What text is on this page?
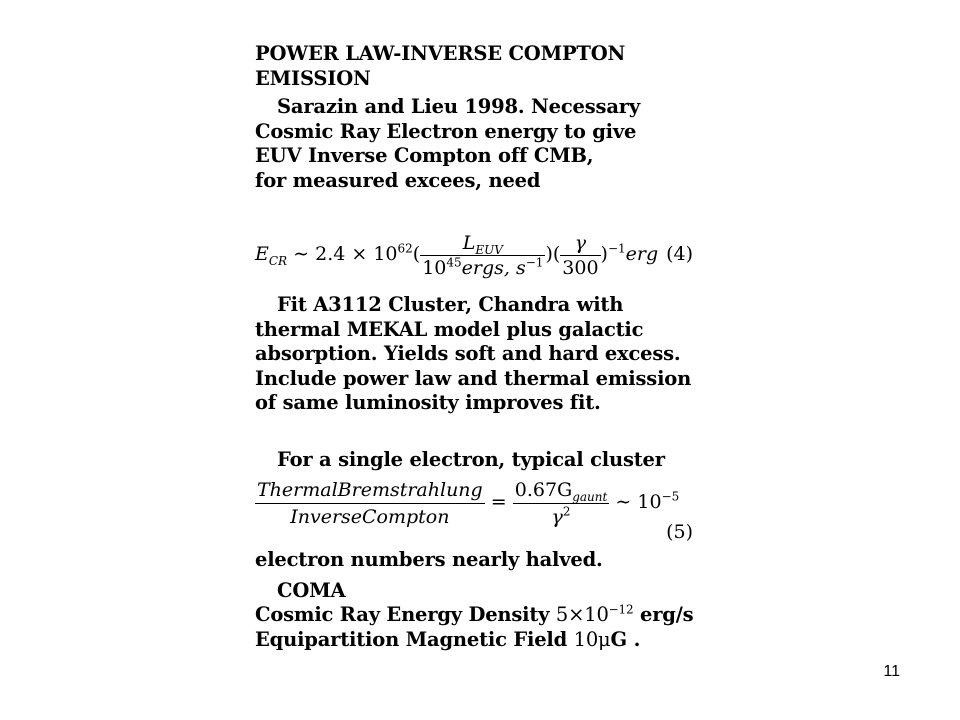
POWER LAW-INVERSE COMPTON
EMISSION
Sarazin and Lieu 1998. Necessary
Cosmic Ray Electron energy to give
EUV Inverse Compton off CMB,
for measured excees, need
$E_{CR}$ ∼ $2.4 \times 10^{62}( \frac{L_{EUV}}{10^{45}ergs, s^{-1}}$ )( $\frac{\gamma}{300} )^{-1}erg$ (4)
Fit A3112 Cluster, Chandra with
thermal MEKAL model plus galactic
absorption. Yields soft and hard excess.
Include power law and thermal emission
of same luminosity improves fit.
For a single electron, typical cluster
$\frac{\text{ThermalBremstrahlung}}{\text{InverseCompton}} = \frac{0.67G_{gaunt}}{\gamma^2}$ ∼ $10^{-5}$
(5)
electron numbers nearly halved.
COMA
Cosmic Ray Energy Density $5\times 10^{-12}$ erg/s
Equipartition Magnetic Field 10μG .
11
